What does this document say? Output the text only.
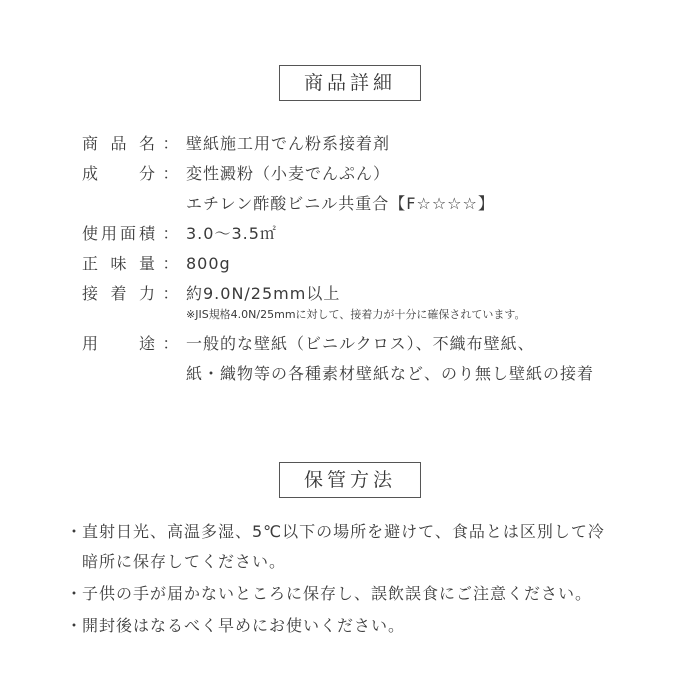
商品詳細
商品名 ： 壁紙施工用でん粉系接着剤
成分 ： 変性澱粉（小麦でんぷん）
エチレン酢酸ビニル共重合【F☆☆☆☆】
使用面積 ： 3.0～3.5㎡
正味量 ： 800g
接着力 ： 約9.0N/25mm以上
※JIS規格4.0N/25mmに対して、接着力が十分に確保されています。
用途 ： 一般的な壁紙（ビニルクロス）、不織布壁紙、
紙・織物等の各種素材壁紙など、のり無し壁紙の接着
保管方法
・
直射日光、高温多湿、5℃以下の場所を避けて、食品とは区別して冷
暗所に保存してください。
・
子供の手が届かないところに保存し、誤飲誤食にご注意ください。
・
開封後はなるべく早めにお使いください。
